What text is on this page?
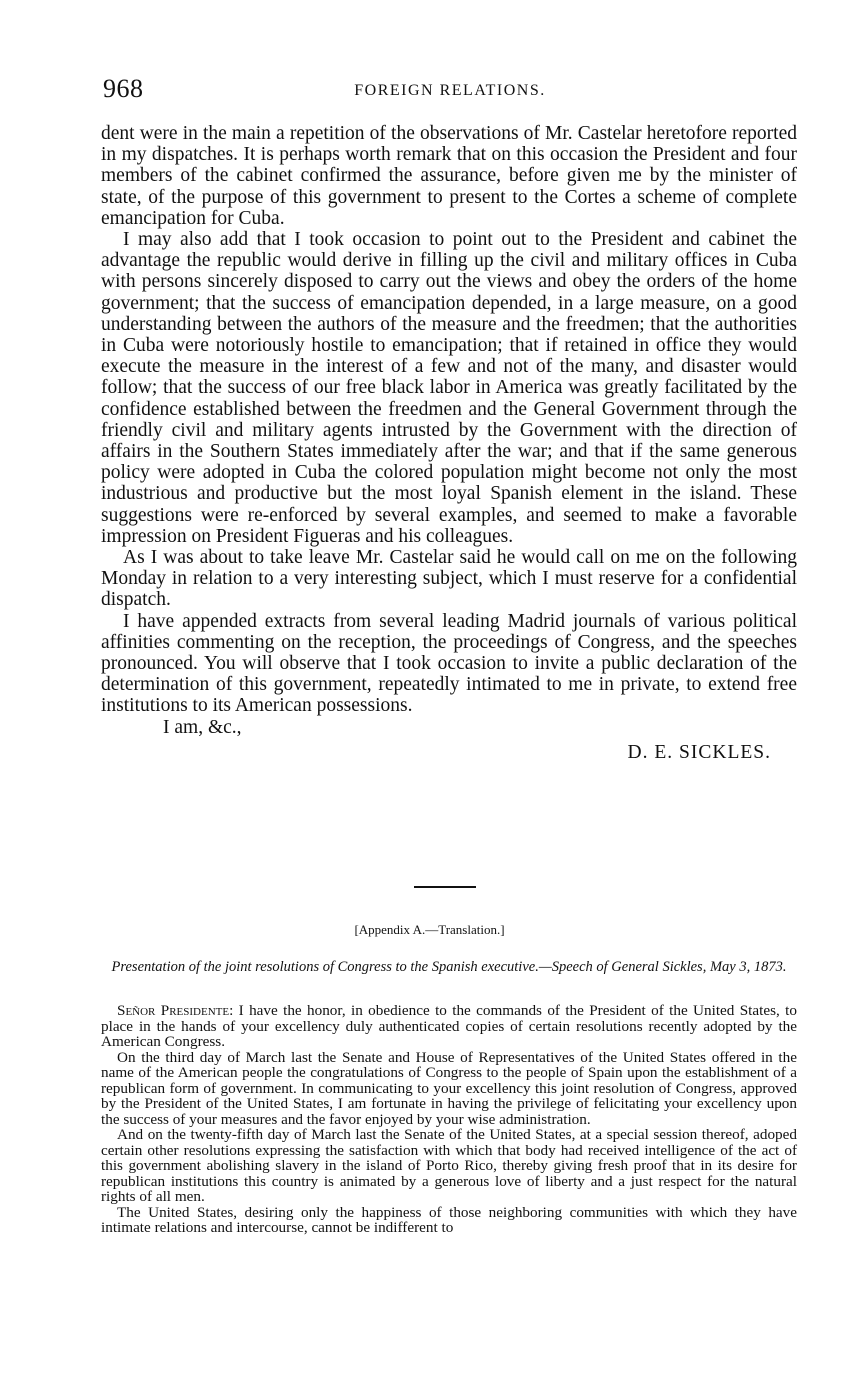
968	FOREIGN RELATIONS.

dent were in the main a repetition of the observations of Mr. Castelar heretofore reported in my dispatches. It is perhaps worth remark that on this occasion the President and four members of the cabinet confirmed the assurance, before given me by the minister of state, of the purpose of this government to present to the Cortes a scheme of complete emancipation for Cuba.

I may also add that I took occasion to point out to the President and cabinet the advantage the republic would derive in filling up the civil and military offices in Cuba with persons sincerely disposed to carry out the views and obey the orders of the home government; that the success of emancipation depended, in a large measure, on a good understanding between the authors of the measure and the freedmen; that the authorities in Cuba were notoriously hostile to emancipation; that if retained in office they would execute the measure in the interest of a few and not of the many, and disaster would follow; that the success of our free black labor in America was greatly facilitated by the confidence established between the freedmen and the General Government through the friendly civil and military agents intrusted by the Government with the direction of affairs in the Southern States immediately after the war; and that if the same generous policy were adopted in Cuba the colored population might become not only the most industrious and productive but the most loyal Spanish element in the island. These suggestions were re-enforced by several examples, and seemed to make a favorable impression on President Figueras and his colleagues.

As I was about to take leave Mr. Castelar said he would call on me on the following Monday in relation to a very interesting subject, which I must reserve for a confidential dispatch.

I have appended extracts from several leading Madrid journals of various political affinities commenting on the reception, the proceedings of Congress, and the speeches pronounced. You will observe that I took occasion to invite a public declaration of the determination of this government, repeatedly intimated to me in private, to extend free institutions to its American possessions.

I am, &c.,

D. E. SICKLES.

[Appendix A.—Translation.]
Presentation of the joint resolutions of Congress to the Spanish executive.—Speech of General Sickles, May 3, 1873.

Señor Presidente: I have the honor, in obedience to the commands of the President of the United States, to place in the hands of your excellency duly authenticated copies of certain resolutions recently adopted by the American Congress.

On the third day of March last the Senate and House of Representatives of the United States offered in the name of the American people the congratulations of Congress to the people of Spain upon the establishment of a republican form of government. In communicating to your excellency this joint resolution of Congress, approved by the President of the United States, I am fortunate in having the privilege of felicitating your excellency upon the success of your measures and the favor enjoyed by your wise administration.

And on the twenty-fifth day of March last the Senate of the United States, at a special session thereof, adoped certain other resolutions expressing the satisfaction with which that body had received intelligence of the act of this government abolishing slavery in the island of Porto Rico, thereby giving fresh proof that in its desire for republican institutions this country is animated by a generous love of liberty and a just respect for the natural rights of all men.

The United States, desiring only the happiness of those neighboring communities with which they have intimate relations and intercourse, cannot be indifferent to
